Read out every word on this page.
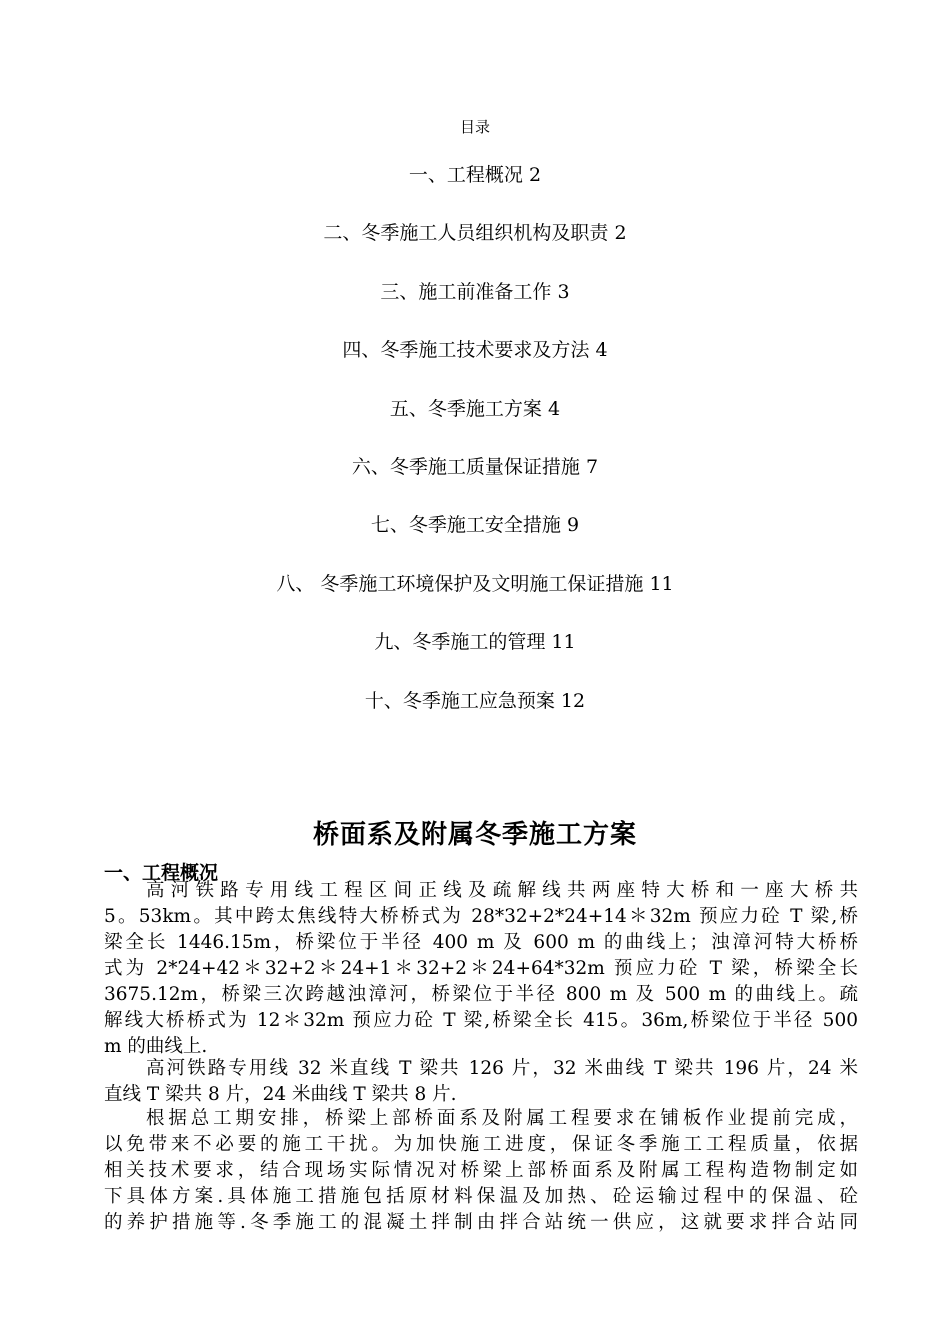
目录
一、工程概况 2
二、冬季施工人员组织机构及职责 2
三、施工前准备工作 3
四、冬季施工技术要求及方法 4
五、冬季施工方案 4
六、冬季施工质量保证措施 7
七、冬季施工安全措施 9
八、 冬季施工环境保护及文明施工保证措施 11
九、冬季施工的管理 11
十、冬季施工应急预案 12
桥面系及附属冬季施工方案
一、工程概况
高河铁路专用线工程区间正线及疏解线共两座特大桥和一座大桥共
5。53km。其中跨太焦线特大桥桥式为 28*32+2*24+14＊32m 预应力砼 T 梁,桥
梁全长 1446.15m，桥梁位于半径 400 m 及 600 m 的曲线上；浊漳河特大桥桥
式为 2*24+42＊32+2＊24+1＊32+2＊24+64*32m 预应力砼 T 梁，桥梁全长
3675.12m，桥梁三次跨越浊漳河，桥梁位于半径 800 m 及 500 m 的曲线上。疏
解线大桥桥式为 12＊32m 预应力砼 T 梁,桥梁全长 415。36m,桥梁位于半径 500
m 的曲线上.
高河铁路专用线 32 米直线 T 梁共 126 片，32 米曲线 T 梁共 196 片，24 米
直线 T 梁共 8 片，24 米曲线 T 梁共 8 片.
根据总工期安排，桥梁上部桥面系及附属工程要求在铺板作业提前完成，
以免带来不必要的施工干扰。为加快施工进度，保证冬季施工工程质量，依据
相关技术要求，结合现场实际情况对桥梁上部桥面系及附属工程构造物制定如
下具体方案.具体施工措施包括原材料保温及加热、砼运输过程中的保温、砼
的养护措施等.冬季施工的混凝土拌制由拌合站统一供应，这就要求拌合站同
